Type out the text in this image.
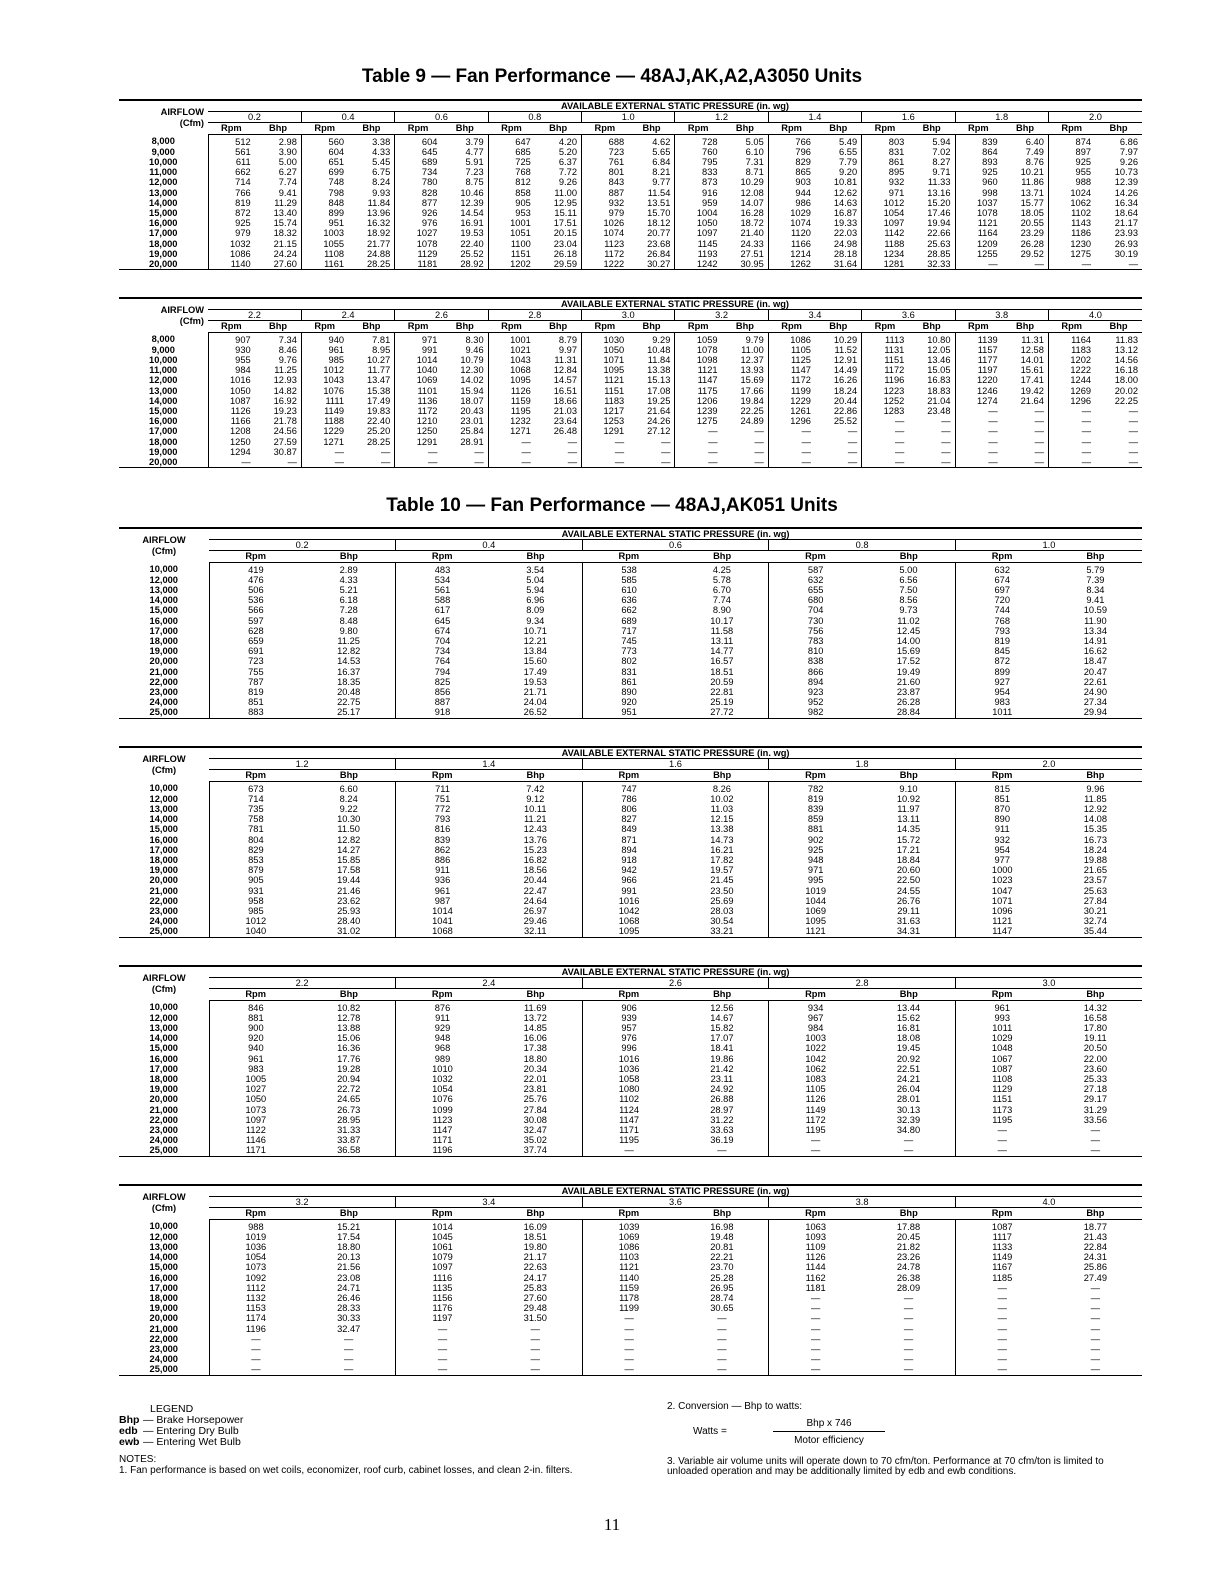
Table 9 — Fan Performance — 48AJ,AK,A2,A3050 Units
AIRFLOW
(Cfm)	AVAILABLE EXTERNAL STATIC PRESSURE (in. wg)																			
	0.2		0.4		0.6		0.8		1.0		1.2		1.4		1.6		1.8		2.0	
	Rpm	Bhp	Rpm	Bhp	Rpm	Bhp	Rpm	Bhp	Rpm	Bhp	Rpm	Bhp	Rpm	Bhp	Rpm	Bhp	Rpm	Bhp	Rpm	Bhp
8,000	512	2.98	560	3.38	604	3.79	647	4.20	688	4.62	728	5.05	766	5.49	803	5.94	839	6.40	874	6.86
9,000	561	3.90	604	4.33	645	4.77	685	5.20	723	5.65	760	6.10	796	6.55	831	7.02	864	7.49	897	7.97
10,000	611	5.00	651	5.45	689	5.91	725	6.37	761	6.84	795	7.31	829	7.79	861	8.27	893	8.76	925	9.26
11,000	662	6.27	699	6.75	734	7.23	768	7.72	801	8.21	833	8.71	865	9.20	895	9.71	925	10.21	955	10.73
12,000	714	7.74	748	8.24	780	8.75	812	9.26	843	9.77	873	10.29	903	10.81	932	11.33	960	11.86	988	12.39
13,000	766	9.41	798	9.93	828	10.46	858	11.00	887	11.54	916	12.08	944	12.62	971	13.16	998	13.71	1024	14.26
14,000	819	11.29	848	11.84	877	12.39	905	12.95	932	13.51	959	14.07	986	14.63	1012	15.20	1037	15.77	1062	16.34
15,000	872	13.40	899	13.96	926	14.54	953	15.11	979	15.70	1004	16.28	1029	16.87	1054	17.46	1078	18.05	1102	18.64
16,000	925	15.74	951	16.32	976	16.91	1001	17.51	1026	18.12	1050	18.72	1074	19.33	1097	19.94	1121	20.55	1143	21.17
17,000	979	18.32	1003	18.92	1027	19.53	1051	20.15	1074	20.77	1097	21.40	1120	22.03	1142	22.66	1164	23.29	1186	23.93
18,000	1032	21.15	1055	21.77	1078	22.40	1100	23.04	1123	23.68	1145	24.33	1166	24.98	1188	25.63	1209	26.28	1230	26.93
19,000	1086	24.24	1108	24.88	1129	25.52	1151	26.18	1172	26.84	1193	27.51	1214	28.18	1234	28.85	1255	29.52	1275	30.19
20,000	1140	27.60	1161	28.25	1181	28.92	1202	29.59	1222	30.27	1242	30.95	1262	31.64	1281	32.33	—	—	—	—
AIRFLOW
(Cfm)	AVAILABLE EXTERNAL STATIC PRESSURE (in. wg)																			
	2.2		2.4		2.6		2.8		3.0		3.2		3.4		3.6		3.8		4.0	
	Rpm	Bhp	Rpm	Bhp	Rpm	Bhp	Rpm	Bhp	Rpm	Bhp	Rpm	Bhp	Rpm	Bhp	Rpm	Bhp	Rpm	Bhp	Rpm	Bhp
8,000	907	7.34	940	7.81	971	8.30	1001	8.79	1030	9.29	1059	9.79	1086	10.29	1113	10.80	1139	11.31	1164	11.83
9,000	930	8.46	961	8.95	991	9.46	1021	9.97	1050	10.48	1078	11.00	1105	11.52	1131	12.05	1157	12.58	1183	13.12
10,000	955	9.76	985	10.27	1014	10.79	1043	11.31	1071	11.84	1098	12.37	1125	12.91	1151	13.46	1177	14.01	1202	14.56
11,000	984	11.25	1012	11.77	1040	12.30	1068	12.84	1095	13.38	1121	13.93	1147	14.49	1172	15.05	1197	15.61	1222	16.18
12,000	1016	12.93	1043	13.47	1069	14.02	1095	14.57	1121	15.13	1147	15.69	1172	16.26	1196	16.83	1220	17.41	1244	18.00
13,000	1050	14.82	1076	15.38	1101	15.94	1126	16.51	1151	17.08	1175	17.66	1199	18.24	1223	18.83	1246	19.42	1269	20.02
14,000	1087	16.92	1111	17.49	1136	18.07	1159	18.66	1183	19.25	1206	19.84	1229	20.44	1252	21.04	1274	21.64	1296	22.25
15,000	1126	19.23	1149	19.83	1172	20.43	1195	21.03	1217	21.64	1239	22.25	1261	22.86	1283	23.48	—	—	—	—
16,000	1166	21.78	1188	22.40	1210	23.01	1232	23.64	1253	24.26	1275	24.89	1296	25.52	—	—	—	—	—	—
17,000	1208	24.56	1229	25.20	1250	25.84	1271	26.48	1291	27.12	—	—	—	—	—	—	—	—	—	—
18,000	1250	27.59	1271	28.25	1291	28.91	—	—	—	—	—	—	—	—	—	—	—	—	—	—
19,000	1294	30.87	—	—	—	—	—	—	—	—	—	—	—	—	—	—	—	—	—	—
20,000	—	—	—	—	—	—	—	—	—	—	—	—	—	—	—	—	—	—	—	—
Table 10 — Fan Performance — 48AJ,AK051 Units
AIRFLOW
(Cfm)	AVAILABLE EXTERNAL STATIC PRESSURE (in. wg)									
	0.2		0.4		0.6		0.8		1.0	
	Rpm	Bhp	Rpm	Bhp	Rpm	Bhp	Rpm	Bhp	Rpm	Bhp
10,000	419	2.89	483	3.54	538	4.25	587	5.00	632	5.79
12,000	476	4.33	534	5.04	585	5.78	632	6.56	674	7.39
13,000	506	5.21	561	5.94	610	6.70	655	7.50	697	8.34
14,000	536	6.18	588	6.96	636	7.74	680	8.56	720	9.41
15,000	566	7.28	617	8.09	662	8.90	704	9.73	744	10.59
16,000	597	8.48	645	9.34	689	10.17	730	11.02	768	11.90
17,000	628	9.80	674	10.71	717	11.58	756	12.45	793	13.34
18,000	659	11.25	704	12.21	745	13.11	783	14.00	819	14.91
19,000	691	12.82	734	13.84	773	14.77	810	15.69	845	16.62
20,000	723	14.53	764	15.60	802	16.57	838	17.52	872	18.47
21,000	755	16.37	794	17.49	831	18.51	866	19.49	899	20.47
22,000	787	18.35	825	19.53	861	20.59	894	21.60	927	22.61
23,000	819	20.48	856	21.71	890	22.81	923	23.87	954	24.90
24,000	851	22.75	887	24.04	920	25.19	952	26.28	983	27.34
25,000	883	25.17	918	26.52	951	27.72	982	28.84	1011	29.94
AIRFLOW
(Cfm)	AVAILABLE EXTERNAL STATIC PRESSURE (in. wg)									
	1.2		1.4		1.6		1.8		2.0	
	Rpm	Bhp	Rpm	Bhp	Rpm	Bhp	Rpm	Bhp	Rpm	Bhp
10,000	673	6.60	711	7.42	747	8.26	782	9.10	815	9.96
12,000	714	8.24	751	9.12	786	10.02	819	10.92	851	11.85
13,000	735	9.22	772	10.11	806	11.03	839	11.97	870	12.92
14,000	758	10.30	793	11.21	827	12.15	859	13.11	890	14.08
15,000	781	11.50	816	12.43	849	13.38	881	14.35	911	15.35
16,000	804	12.82	839	13.76	871	14.73	902	15.72	932	16.73
17,000	829	14.27	862	15.23	894	16.21	925	17.21	954	18.24
18,000	853	15.85	886	16.82	918	17.82	948	18.84	977	19.88
19,000	879	17.58	911	18.56	942	19.57	971	20.60	1000	21.65
20,000	905	19.44	936	20.44	966	21.45	995	22.50	1023	23.57
21,000	931	21.46	961	22.47	991	23.50	1019	24.55	1047	25.63
22,000	958	23.62	987	24.64	1016	25.69	1044	26.76	1071	27.84
23,000	985	25.93	1014	26.97	1042	28.03	1069	29.11	1096	30.21
24,000	1012	28.40	1041	29.46	1068	30.54	1095	31.63	1121	32.74
25,000	1040	31.02	1068	32.11	1095	33.21	1121	34.31	1147	35.44
AIRFLOW
(Cfm)	AVAILABLE EXTERNAL STATIC PRESSURE (in. wg)									
	2.2		2.4		2.6		2.8		3.0	
	Rpm	Bhp	Rpm	Bhp	Rpm	Bhp	Rpm	Bhp	Rpm	Bhp
10,000	846	10.82	876	11.69	906	12.56	934	13.44	961	14.32
12,000	881	12.78	911	13.72	939	14.67	967	15.62	993	16.58
13,000	900	13.88	929	14.85	957	15.82	984	16.81	1011	17.80
14,000	920	15.06	948	16.06	976	17.07	1003	18.08	1029	19.11
15,000	940	16.36	968	17.38	996	18.41	1022	19.45	1048	20.50
16,000	961	17.76	989	18.80	1016	19.86	1042	20.92	1067	22.00
17,000	983	19.28	1010	20.34	1036	21.42	1062	22.51	1087	23.60
18,000	1005	20.94	1032	22.01	1058	23.11	1083	24.21	1108	25.33
19,000	1027	22.72	1054	23.81	1080	24.92	1105	26.04	1129	27.18
20,000	1050	24.65	1076	25.76	1102	26.88	1126	28.01	1151	29.17
21,000	1073	26.73	1099	27.84	1124	28.97	1149	30.13	1173	31.29
22,000	1097	28.95	1123	30.08	1147	31.22	1172	32.39	1195	33.56
23,000	1122	31.33	1147	32.47	1171	33.63	1195	34.80	—	—
24,000	1146	33.87	1171	35.02	1195	36.19	—	—	—	—
25,000	1171	36.58	1196	37.74	—	—	—	—	—	—
AIRFLOW
(Cfm)	AVAILABLE EXTERNAL STATIC PRESSURE (in. wg)									
	3.2		3.4		3.6		3.8		4.0	
	Rpm	Bhp	Rpm	Bhp	Rpm	Bhp	Rpm	Bhp	Rpm	Bhp
10,000	988	15.21	1014	16.09	1039	16.98	1063	17.88	1087	18.77
12,000	1019	17.54	1045	18.51	1069	19.48	1093	20.45	1117	21.43
13,000	1036	18.80	1061	19.80	1086	20.81	1109	21.82	1133	22.84
14,000	1054	20.13	1079	21.17	1103	22.21	1126	23.26	1149	24.31
15,000	1073	21.56	1097	22.63	1121	23.70	1144	24.78	1167	25.86
16,000	1092	23.08	1116	24.17	1140	25.28	1162	26.38	1185	27.49
17,000	1112	24.71	1135	25.83	1159	26.95	1181	28.09	—	—
18,000	1132	26.46	1156	27.60	1178	28.74	—	—	—	—
19,000	1153	28.33	1176	29.48	1199	30.65	—	—	—	—
20,000	1174	30.33	1197	31.50	—	—	—	—	—	—
21,000	1196	32.47	—	—	—	—	—	—	—	—
22,000	—	—	—	—	—	—	—	—	—	—
23,000	—	—	—	—	—	—	—	—	—	—
24,000	—	—	—	—	—	—	—	—	—	—
25,000	—	—	—	—	—	—	—	—	—	—
LEGEND
Bhp — Brake Horsepower
edb — Entering Dry Bulb
ewb — Entering Wet Bulb
NOTES:
1. Fan performance is based on wet coils, economizer, roof curb, cabinet losses, and clean 2-in. filters.
2. Conversion — Bhp to watts:
3. Variable air volume units will operate down to 70 cfm/ton. Performance at 70 cfm/ton is limited to unloaded operation and may be additionally limited by edb and ewb conditions.
Watts =
Bhp x 746
Motor efficiency
11
